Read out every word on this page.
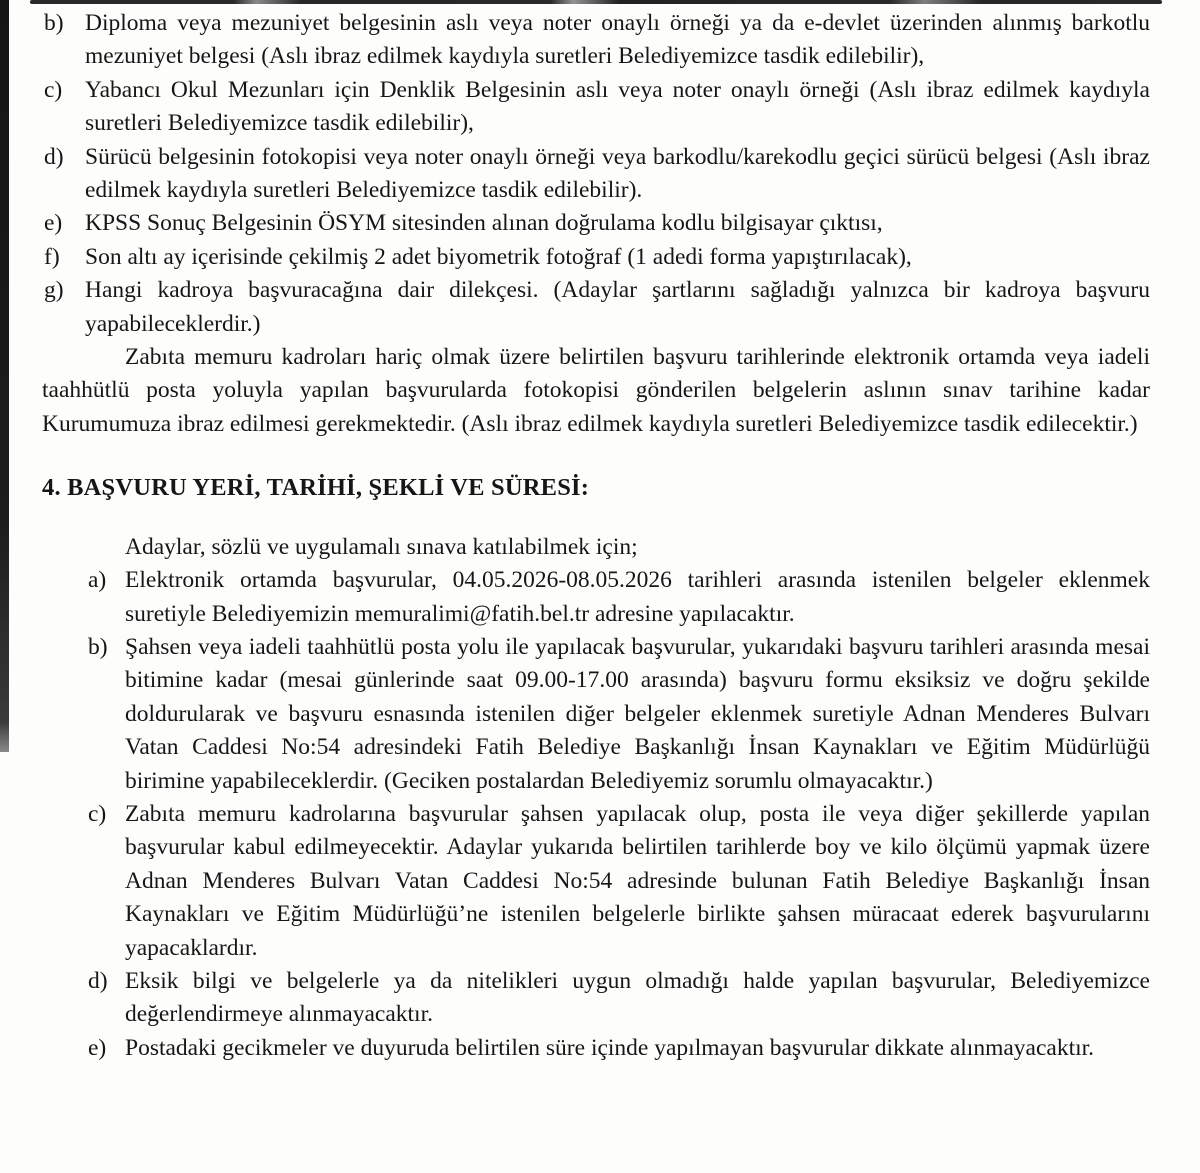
b) Diploma veya mezuniyet belgesinin aslı veya noter onaylı örneği ya da e-devlet üzerinden alınmış barkotlu mezuniyet belgesi (Aslı ibraz edilmek kaydıyla suretleri Belediyemizce tasdik edilebilir),
c) Yabancı Okul Mezunları için Denklik Belgesinin aslı veya noter onaylı örneği (Aslı ibraz edilmek kaydıyla suretleri Belediyemizce tasdik edilebilir),
d) Sürücü belgesinin fotokopisi veya noter onaylı örneği veya barkodlu/karekodlu geçici sürücü belgesi (Aslı ibraz edilmek kaydıyla suretleri Belediyemizce tasdik edilebilir).
e) KPSS Sonuç Belgesinin ÖSYM sitesinden alınan doğrulama kodlu bilgisayar çıktısı,
f) Son altı ay içerisinde çekilmiş 2 adet biyometrik fotoğraf (1 adedi forma yapıştırılacak),
g) Hangi kadroya başvuracağına dair dilekçesi. (Adaylar şartlarını sağladığı yalnızca bir kadroya başvuru yapabileceklerdir.)
Zabıta memuru kadroları hariç olmak üzere belirtilen başvuru tarihlerinde elektronik ortamda veya iadeli taahhütlü posta yoluyla yapılan başvurularda fotokopisi gönderilen belgelerin aslının sınav tarihine kadar Kurumumuza ibraz edilmesi gerekmektedir. (Aslı ibraz edilmek kaydıyla suretleri Belediyemizce tasdik edilecektir.)
4. BAŞVURU YERİ, TARİHİ, ŞEKLİ VE SÜRESİ:
Adaylar, sözlü ve uygulamalı sınava katılabilmek için;
a) Elektronik ortamda başvurular, 04.05.2026-08.05.2026 tarihleri arasında istenilen belgeler eklenmek suretiyle Belediyemizin memuralimi@fatih.bel.tr adresine yapılacaktır.
b) Şahsen veya iadeli taahhütlü posta yolu ile yapılacak başvurular, yukarıdaki başvuru tarihleri arasında mesai bitimine kadar (mesai günlerinde saat 09.00-17.00 arasında) başvuru formu eksiksiz ve doğru şekilde doldurularak ve başvuru esnasında istenilen diğer belgeler eklenmek suretiyle Adnan Menderes Bulvarı Vatan Caddesi No:54 adresindeki Fatih Belediye Başkanlığı İnsan Kaynakları ve Eğitim Müdürlüğü birimine yapabileceklerdir. (Geciken postalardan Belediyemiz sorumlu olmayacaktır.)
c) Zabıta memuru kadrolarına başvurular şahsen yapılacak olup, posta ile veya diğer şekillerde yapılan başvurular kabul edilmeyecektir. Adaylar yukarıda belirtilen tarihlerde boy ve kilo ölçümü yapmak üzere Adnan Menderes Bulvarı Vatan Caddesi No:54 adresinde bulunan Fatih Belediye Başkanlığı İnsan Kaynakları ve Eğitim Müdürlüğü’ne istenilen belgelerle birlikte şahsen müracaat ederek başvurularını yapacaklardır.
d) Eksik bilgi ve belgelerle ya da nitelikleri uygun olmadığı halde yapılan başvurular, Belediyemizce değerlendirmeye alınmayacaktır.
e) Postadaki gecikmeler ve duyuruda belirtilen süre içinde yapılmayan başvurular dikkate alınmayacaktır.
